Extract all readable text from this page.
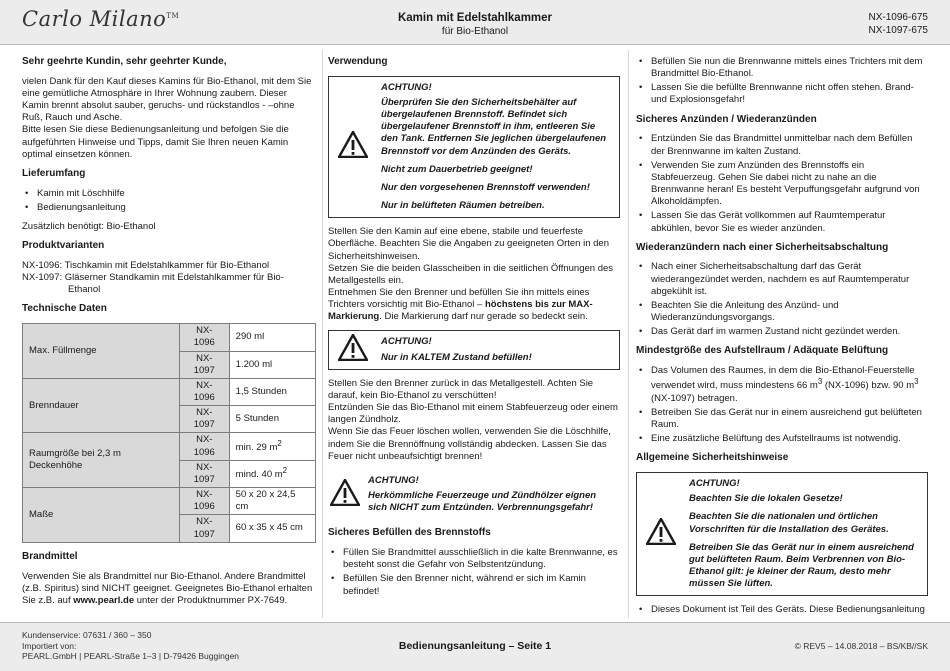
Carlo Milano™	Kamin mit Edelstahlkammer
für Bio-Ethanol
NX-1096-675
NX-1097-675
Sehr geehrte Kundin, sehr geehrter Kunde,

vielen Dank für den Kauf dieses Kamins für Bio-Ethanol, mit dem Sie eine gemütliche Atmosphäre in Ihrer Wohnung zaubern. Dieser Kamin brennt absolut sauber, geruchs- und rückstandlos - –ohne Ruß, Rauch und Asche.

Bitte lesen Sie diese Bedienungsanleitung und befolgen Sie die aufgeführten Hinweise und Tipps, damit Sie Ihren neuen Kamin optimal einsetzen können.

Lieferumfang
• Kamin mit Löschhilfe
• Bedienungsanleitung

Zusätzlich benötigt: Bio-Ethanol

Produktvarianten
NX-1096: Tischkamin mit Edelstahlkammer für Bio-Ethanol

NX-1097: Gläserner Standkamin mit Edelstahlkammer für Bio-Ethanol

Technische Daten
Max. Füllmenge	NX-1096	290 ml
	NX-1097	1.200 ml
Brenndauer	NX-1096	1,5 Stunden
	NX-1097	5 Stunden
Raumgröße bei 2,3 m Deckenhöhe	NX-1096	min. 29 $m^2$
	NX-1097	mind. 40 $m^2$
Maße	NX-1096	50 x 20 x 24,5 cm
	NX-1097	60 x 35 x 45 cm
Brandmittel

Verwenden Sie als Brandmittel nur Bio-Ethanol. Andere Brandmittel (z.B. Spiritus) sind NICHT geeignet. Geeignetes Bio-Ethanol erhalten Sie z.B. auf www.pearl.de unter der Produktnummer PX-7649.

Verwendung

ACHTUNG!

Überprüfen Sie den Sicherheitsbehälter auf übergelaufenen Brennstoff. Befindet sich übergelaufener Brennstoff in ihm, entleeren Sie den Tank. Entfernen Sie jeglichen übergelaufenen Brennstoff vor dem Anzünden des Geräts.

Nicht zum Dauerbetrieb geeignet!

Nur den vorgesehenen Brennstoff verwenden!

Nur in belüfteten Räumen betreiben.

Stellen Sie den Kamin auf eine ebene, stabile und feuerfeste Oberfläche. Beachten Sie die Angaben zu geeigneten Orten in den Sicherheitshinweisen.
Setzen Sie die beiden Glasscheiben in die seitlichen Öffnungen des Metallgestells ein.

Entnehmen Sie den Brenner und befüllen Sie ihn mittels eines Trichters vorsichtig mit Bio-Ethanol – höchstens bis zur MAX-Markierung. Die Markierung darf nur gerade so bedeckt sein.

ACHTUNG!

Nur in KALTEM Zustand befüllen!

Stellen Sie den Brenner zurück in das Metallgestell. Achten Sie darauf, kein Bio-Ethanol zu verschütten!
Entzünden Sie das Bio-Ethanol mit einem Stabfeuerzeug oder einem langen Zündholz.

Wenn Sie das Feuer löschen wollen, verwenden Sie die Löschhilfe, indem Sie die Brennöffnung vollständig abdecken. Lassen Sie das Feuer nicht unbeaufsichtigt brennen!

ACHTUNG!

Herkömmliche Feuerzeuge und Zündhölzer eignen sich NICHT zum Entzünden. Verbrennungsgefahr!

Sicheres Befüllen des Brennstoffs
• Füllen Sie Brandmittel ausschließlich in die kalte Brennwanne, es besteht sonst die Gefahr von Selbstentzündung.
• Befüllen Sie den Brenner nicht, während er sich im Kamin befindet!
• Befüllen Sie nun die Brennwanne mittels eines Trichters mit dem Brandmittel Bio-Ethanol.
• Lassen Sie die befüllte Brennwanne nicht offen stehen. Brand- und Explosionsgefahr!
Sicheres Anzünden / Wiederanzünden
• Entzünden Sie das Brandmittel unmittelbar nach dem Befüllen der Brennwanne im kalten Zustand.
• Verwenden Sie zum Anzünden des Brennstoffs ein Stabfeuerzeug. Gehen Sie dabei nicht zu nahe an die Brennwanne heran! Es besteht Verpuffungsgefahr aufgrund von Alkoholdämpfen.
• Lassen Sie das Gerät vollkommen auf Raumtemperatur abkühlen, bevor Sie es wieder anzünden.
Wiederanzündern nach einer Sicherheitsabschaltung
• Nach einer Sicherheitsabschaltung darf das Gerät wiederangezündet werden, nachdem es auf Raumtemperatur abgekühlt ist.
• Beachten Sie die Anleitung des Anzünd- und Wiederanzündungsvorgangs.
• Das Gerät darf im warmen Zustand nicht gezündet werden.
Mindestgröße des Aufstellraum / Adäquate Belüftung
• Das Volumen des Raumes, in dem die Bio-Ethanol-Feuerstelle verwendet wird, muss mindestens 66 $m^3$ (NX-1096) bzw. 90 $m^3$ (NX-1097) betragen.
• Betreiben Sie das Gerät nur in einem ausreichend gut belüfteten Raum.
• Eine zusätzliche Belüftung des Aufstellraums ist notwendig.
Allgemeine Sicherheitshinweise

ACHTUNG!

Beachten Sie die lokalen Gesetze!

Beachten Sie die nationalen und örtlichen Vorschriften für die Installation des Gerätes.

Betreiben Sie das Gerät nur in einem ausreichend gut belüfteten Raum. Beim Verbrennen von Bio-Ethanol gilt: je kleiner der Raum, desto mehr müssen Sie lüften.

• Dieses Dokument ist Teil des Geräts. Diese Bedienungsanleitung
Kundenservice: 07631 / 360 – 350
Importiert von:
PEARL.GmbH | PEARL-Straße 1–3 | D-79426 Buggingen
Bedienungsanleitung – Seite 1	© REV5 – 14.08.2018 – BS/KB//SK
